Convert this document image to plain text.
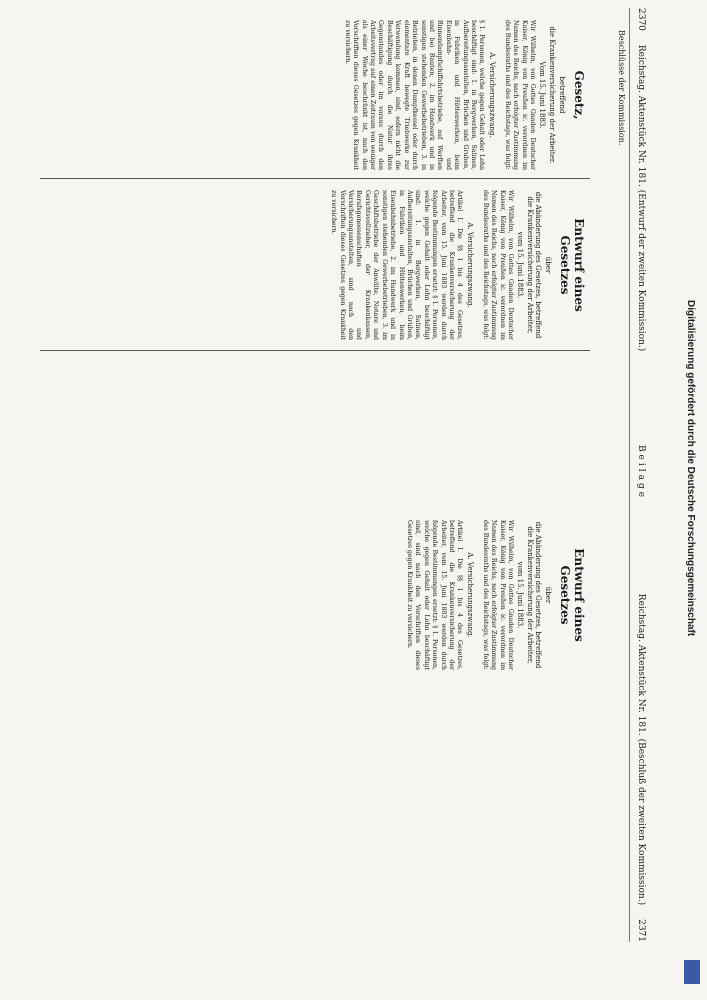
2370
Reichstag. Aktenstück Nr. 181. (Entwurf der zweiten Kommission.)
Beilage
Reichstag. Aktenstück Nr. 181. (Beschluß der zweiten Kommission.)
2371
Beschlüsse der Kommission.
Gesetz,
betreffend
die Krankenversicherung der Arbeiter.
Vom 15. Juni 1883.

Wir Wilhelm, von Gottes Gnaden Deutscher Kaiser, König von Preußen ic. verordnen im Namen des Reichs, nach erfolgter Zustimmung des Bundesraths und des Reichstags, was folgt:

A. Versicherungszwang.

§ 1. Personen, welche gegen Gehalt oder Lohn beschäftigt sind: 1. in Bergwerken, Salinen, Aufbereitungsanstalten, Brüchen und Gruben, in Fabriken und Hüttenwerken, beim Eisenbahn- und Binnendampfschiffahrtsbetriebe, auf Werften und bei Bauten, 2. im Handwerk und in sonstigen stehenden Gewerbebetrieben, 3. in Betrieben, in denen Dampfkessel oder durch elementare Kraft bewegte Triebwerke zur Verwendung kommen, sind, sofern nicht die Beschäftigung durch die Natur ihres Gegenstandes oder im voraus durch den Arbeitsvertrag auf einen Zeitraum von weniger als einer Woche beschränkt ist, nach den Vorschriften dieses Gesetzes gegen Krankheit zu versichern.

Entwurf eines Gesetzes
über
die Abänderung des Gesetzes, betreffend die Krankenversicherung der Arbeiter,
vom 15. Juni 1883.

Wir Wilhelm, von Gottes Gnaden Deutscher Kaiser, König von Preußen ic. verordnen im Namen des Reichs, nach erfolgter Zustimmung des Bundesraths und des Reichstags, was folgt:

A. Versicherungszwang.

Artikel I. Die §§ 1 bis 4 des Gesetzes, betreffend die Krankenversicherung der Arbeiter, vom 15. Juni 1883 werden durch folgende Bestimmungen ersetzt: § 1. Personen, welche gegen Gehalt oder Lohn beschäftigt sind: 1. in Bergwerken, Salinen, Aufbereitungsanstalten, Brüchen und Gruben, in Fabriken und Hüttenwerken, beim Eisenbahnbetriebe, 2. im Handwerk und in sonstigen stehenden Gewerbebetrieben, 3. im Geschäftsbetriebe der Anwälte, Notare und Gerichtsvollzieher, der Krankenkassen, Berufsgenossenschaften und Versicherungsanstalten, sind nach den Vorschriften dieses Gesetzes gegen Krankheit zu versichern.

Entwurf eines Gesetzes
über
die Abänderung des Gesetzes, betreffend die Krankenversicherung der Arbeiter,
vom 15. Juni 1883.

Wir Wilhelm, von Gottes Gnaden Deutscher Kaiser, König von Preußen ic. verordnen im Namen des Reichs, nach erfolgter Zustimmung des Bundesraths und des Reichstags, was folgt:

A. Versicherungszwang.

Artikel I. Die §§ 1 bis 4 des Gesetzes, betreffend die Krankenversicherung der Arbeiter, vom 15. Juni 1883 werden durch folgende Bestimmungen ersetzt: § 1. Personen, welche gegen Gehalt oder Lohn beschäftigt sind, sind nach den Vorschriften dieses Gesetzes gegen Krankheit zu versichern.	Digitalisierung gefördert durch die Deutsche Forschungsgemeinschaft
